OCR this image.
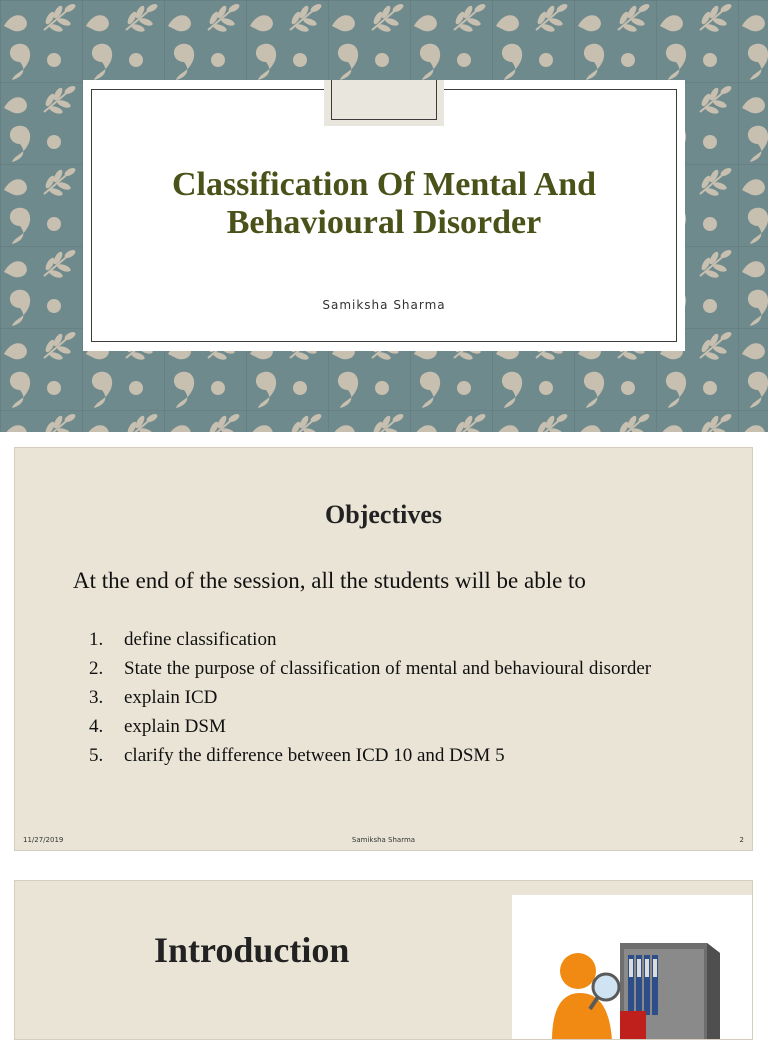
Classification Of Mental And Behavioural Disorder
Samiksha Sharma
Objectives
At the end of the session, all the students will be able to
1.	define classification
2.	State the purpose of classification of mental and behavioural disorder
3.	explain ICD
4.	explain DSM
5.	clarify the difference between ICD 10 and DSM 5
11/27/2019	Samiksha Sharma	2
Introduction
